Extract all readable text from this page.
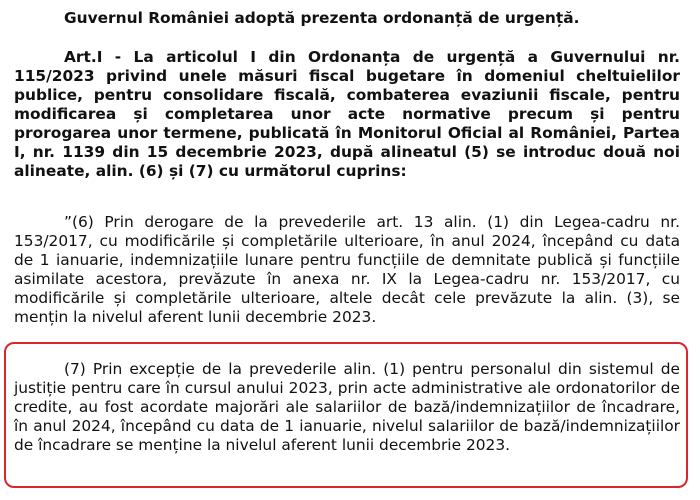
Guvernul României adoptă prezenta ordonanță de urgență.

Art.I - La articolul I din Ordonanța de urgență a Guvernului nr. 115/2023 privind unele măsuri fiscal bugetare în domeniul cheltuielilor publice, pentru consolidare fiscală, combaterea evaziunii fiscale, pentru modificarea și completarea unor acte normative precum și pentru prorogarea unor termene, publicată în Monitorul Oficial al României, Partea I, nr. 1139 din 15 decembrie 2023, după alineatul (5) se introduc două noi alineate, alin. (6) și (7) cu următorul cuprins:

”(6) Prin derogare de la prevederile art. 13 alin. (1) din Legea-cadru nr. 153/2017, cu modificările și completările ulterioare, în anul 2024, începând cu data de 1 ianuarie, indemnizațiile lunare pentru funcțiile de demnitate publică și funcțiile asimilate acestora, prevăzute în anexa nr. IX la Legea-cadru nr. 153/2017, cu modificările și completările ulterioare, altele decât cele prevăzute la alin. (3), se mențin la nivelul aferent lunii decembrie 2023.

(7) Prin excepție de la prevederile alin. (1) pentru personalul din sistemul de justiție pentru care în cursul anului 2023, prin acte administrative ale ordonatorilor de credite, au fost acordate majorări ale salariilor de bază/indemnizațiilor de încadrare, în anul 2024, începând cu data de 1 ianuarie, nivelul salariilor de bază/indemnizațiilor de încadrare se menține la nivelul aferent lunii decembrie 2023.
